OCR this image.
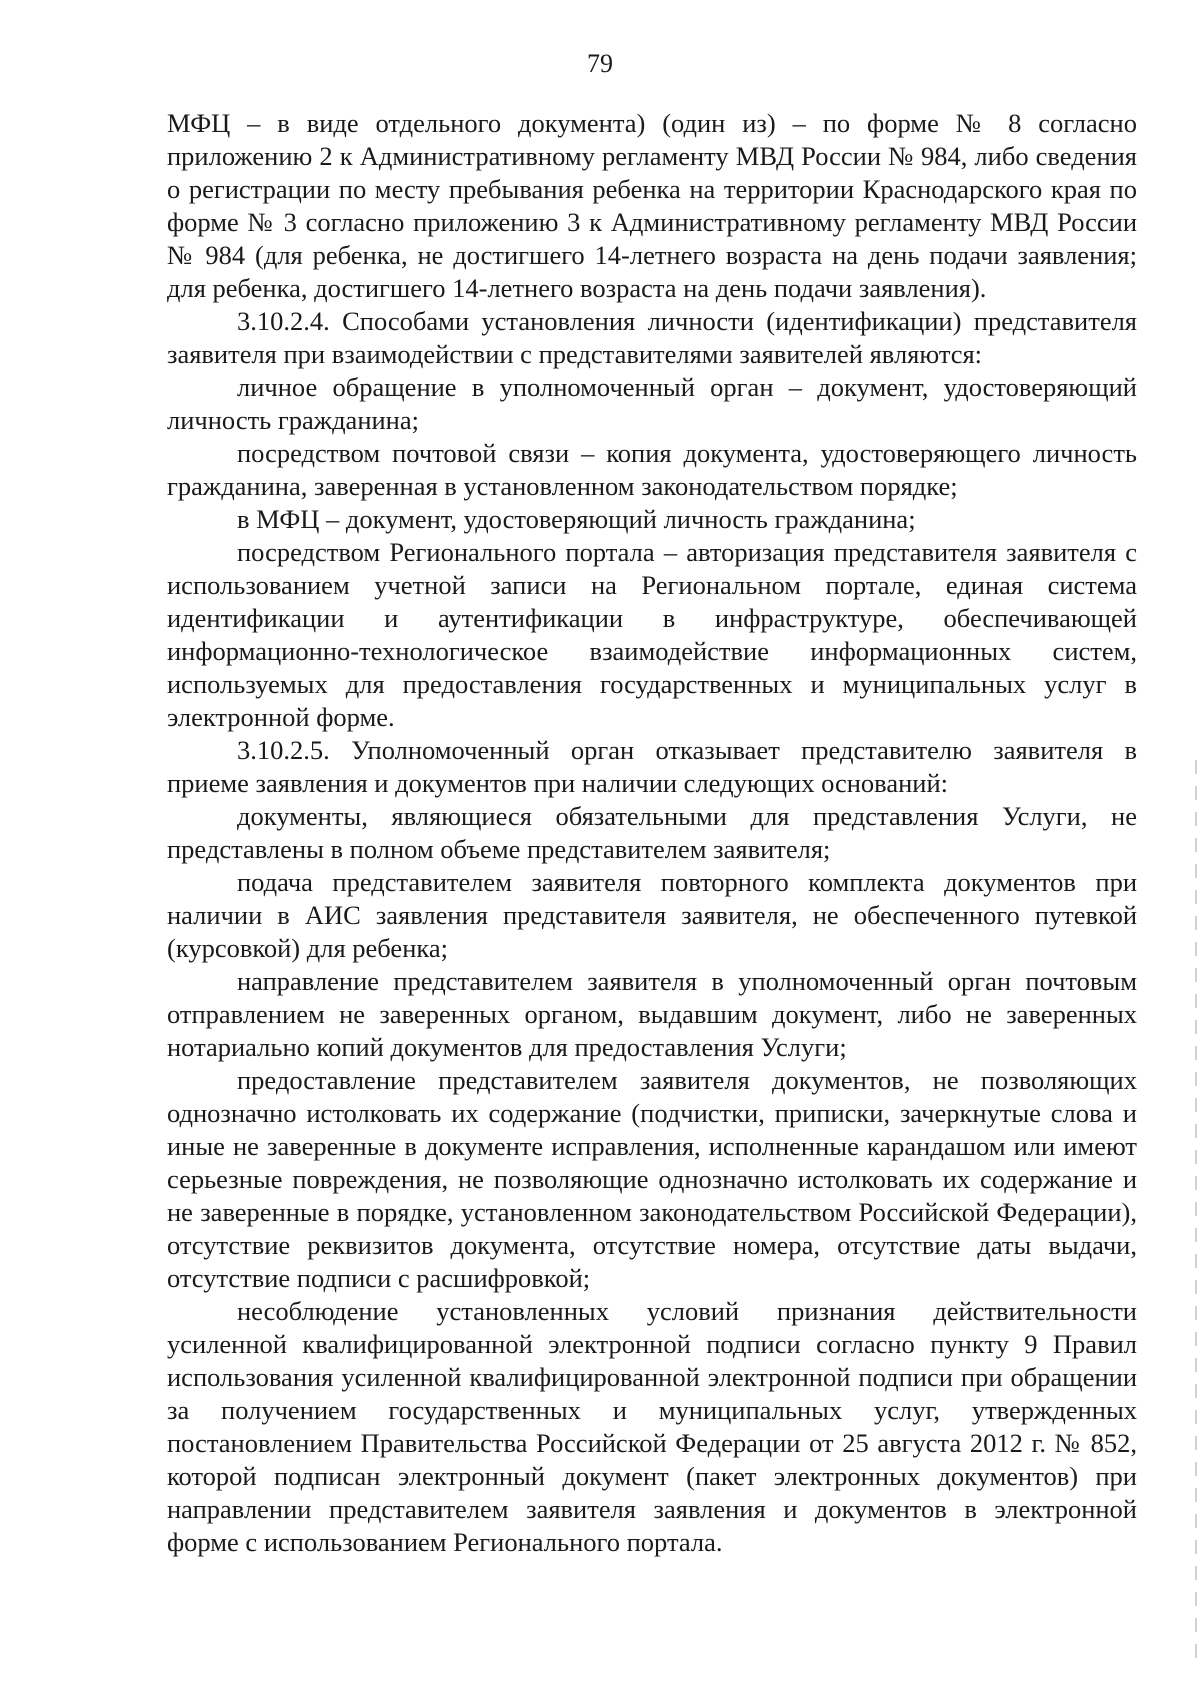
79

МФЦ – в виде отдельного документа) (один из) – по форме № 8 согласно приложению 2 к Административному регламенту МВД России № 984, либо сведения о регистрации по месту пребывания ребенка на территории Краснодарского края по форме № 3 согласно приложению 3 к Административному регламенту МВД России № 984 (для ребенка, не достигшего 14-летнего возраста на день подачи заявления; для ребенка, достигшего 14-летнего возраста на день подачи заявления).

3.10.2.4. Способами установления личности (идентификации) представителя заявителя при взаимодействии с представителями заявителей являются:

личное обращение в уполномоченный орган – документ, удостоверяющий личность гражданина;

посредством почтовой связи – копия документа, удостоверяющего личность гражданина, заверенная в установленном законодательством порядке;

в МФЦ – документ, удостоверяющий личность гражданина;

посредством Регионального портала – авторизация представителя заявителя с использованием учетной записи на Региональном портале, единая система идентификации и аутентификации в инфраструктуре, обеспечивающей информационно-технологическое взаимодействие информационных систем, используемых для предоставления государственных и муниципальных услуг в электронной форме.

3.10.2.5. Уполномоченный орган отказывает представителю заявителя в приеме заявления и документов при наличии следующих оснований:

документы, являющиеся обязательными для представления Услуги, не представлены в полном объеме представителем заявителя;

подача представителем заявителя повторного комплекта документов при наличии в АИС заявления представителя заявителя, не обеспеченного путевкой (курсовкой) для ребенка;

направление представителем заявителя в уполномоченный орган почтовым отправлением не заверенных органом, выдавшим документ, либо не заверенных нотариально копий документов для предоставления Услуги;

предоставление представителем заявителя документов, не позволяющих однозначно истолковать их содержание (подчистки, приписки, зачеркнутые слова и иные не заверенные в документе исправления, исполненные карандашом или имеют серьезные повреждения, не позволяющие однозначно истолковать их содержание и не заверенные в порядке, установленном законодательством Российской Федерации), отсутствие реквизитов документа, отсутствие номера, отсутствие даты выдачи, отсутствие подписи с расшифровкой;

несоблюдение установленных условий признания действительности усиленной квалифицированной электронной подписи согласно пункту 9 Правил использования усиленной квалифицированной электронной подписи при обращении за получением государственных и муниципальных услуг, утвержденных постановлением Правительства Российской Федерации от 25 августа 2012 г. № 852, которой подписан электронный документ (пакет электронных документов) при направлении представителем заявителя заявления и документов в электронной форме с использованием Регионального портала.
